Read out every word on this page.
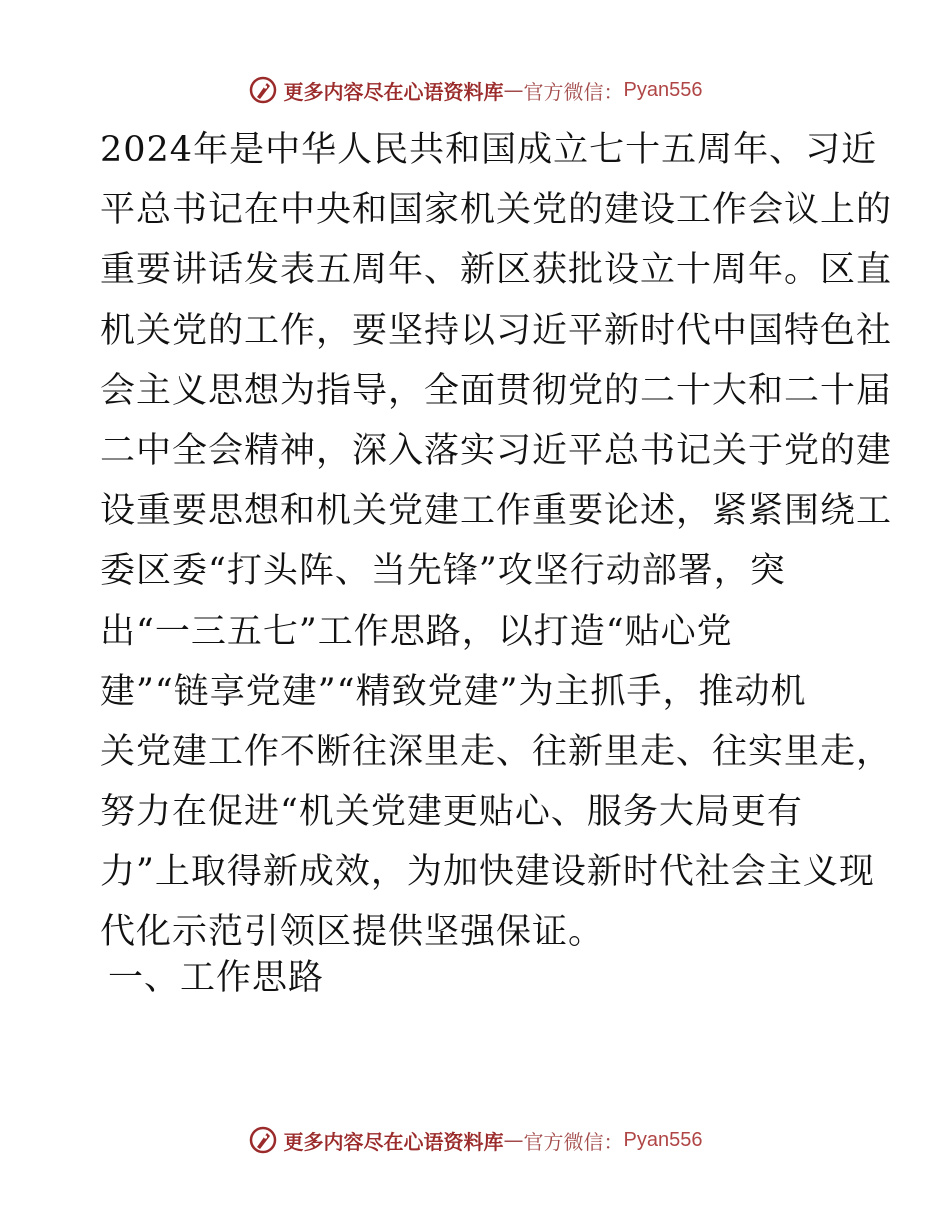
更多内容尽在心语资料库 — 官方微信： Pyan556
2024年是中华人民共和国成立七十五周年、习近
平总书记在中央和国家机关党的建设工作会议上的
重要讲话发表五周年、新区获批设立十周年。区直
机关党的工作，要坚持以习近平新时代中国特色社
会主义思想为指导，全面贯彻党的二十大和二十届
二中全会精神，深入落实习近平总书记关于党的建
设重要思想和机关党建工作重要论述，紧紧围绕工
委区委“打头阵、当先锋”攻坚行动部署，突
出“一三五七”工作思路，以打造“贴心党
建”“链享党建”“精致党建”为主抓手，推动机
关党建工作不断往深里走、往新里走、往实里走，
努力在促进“机关党建更贴心、服务大局更有
力”上取得新成效，为加快建设新时代社会主义现
代化示范引领区提供坚强保证。
一、工作思路
更多内容尽在心语资料库 — 官方微信： Pyan556
